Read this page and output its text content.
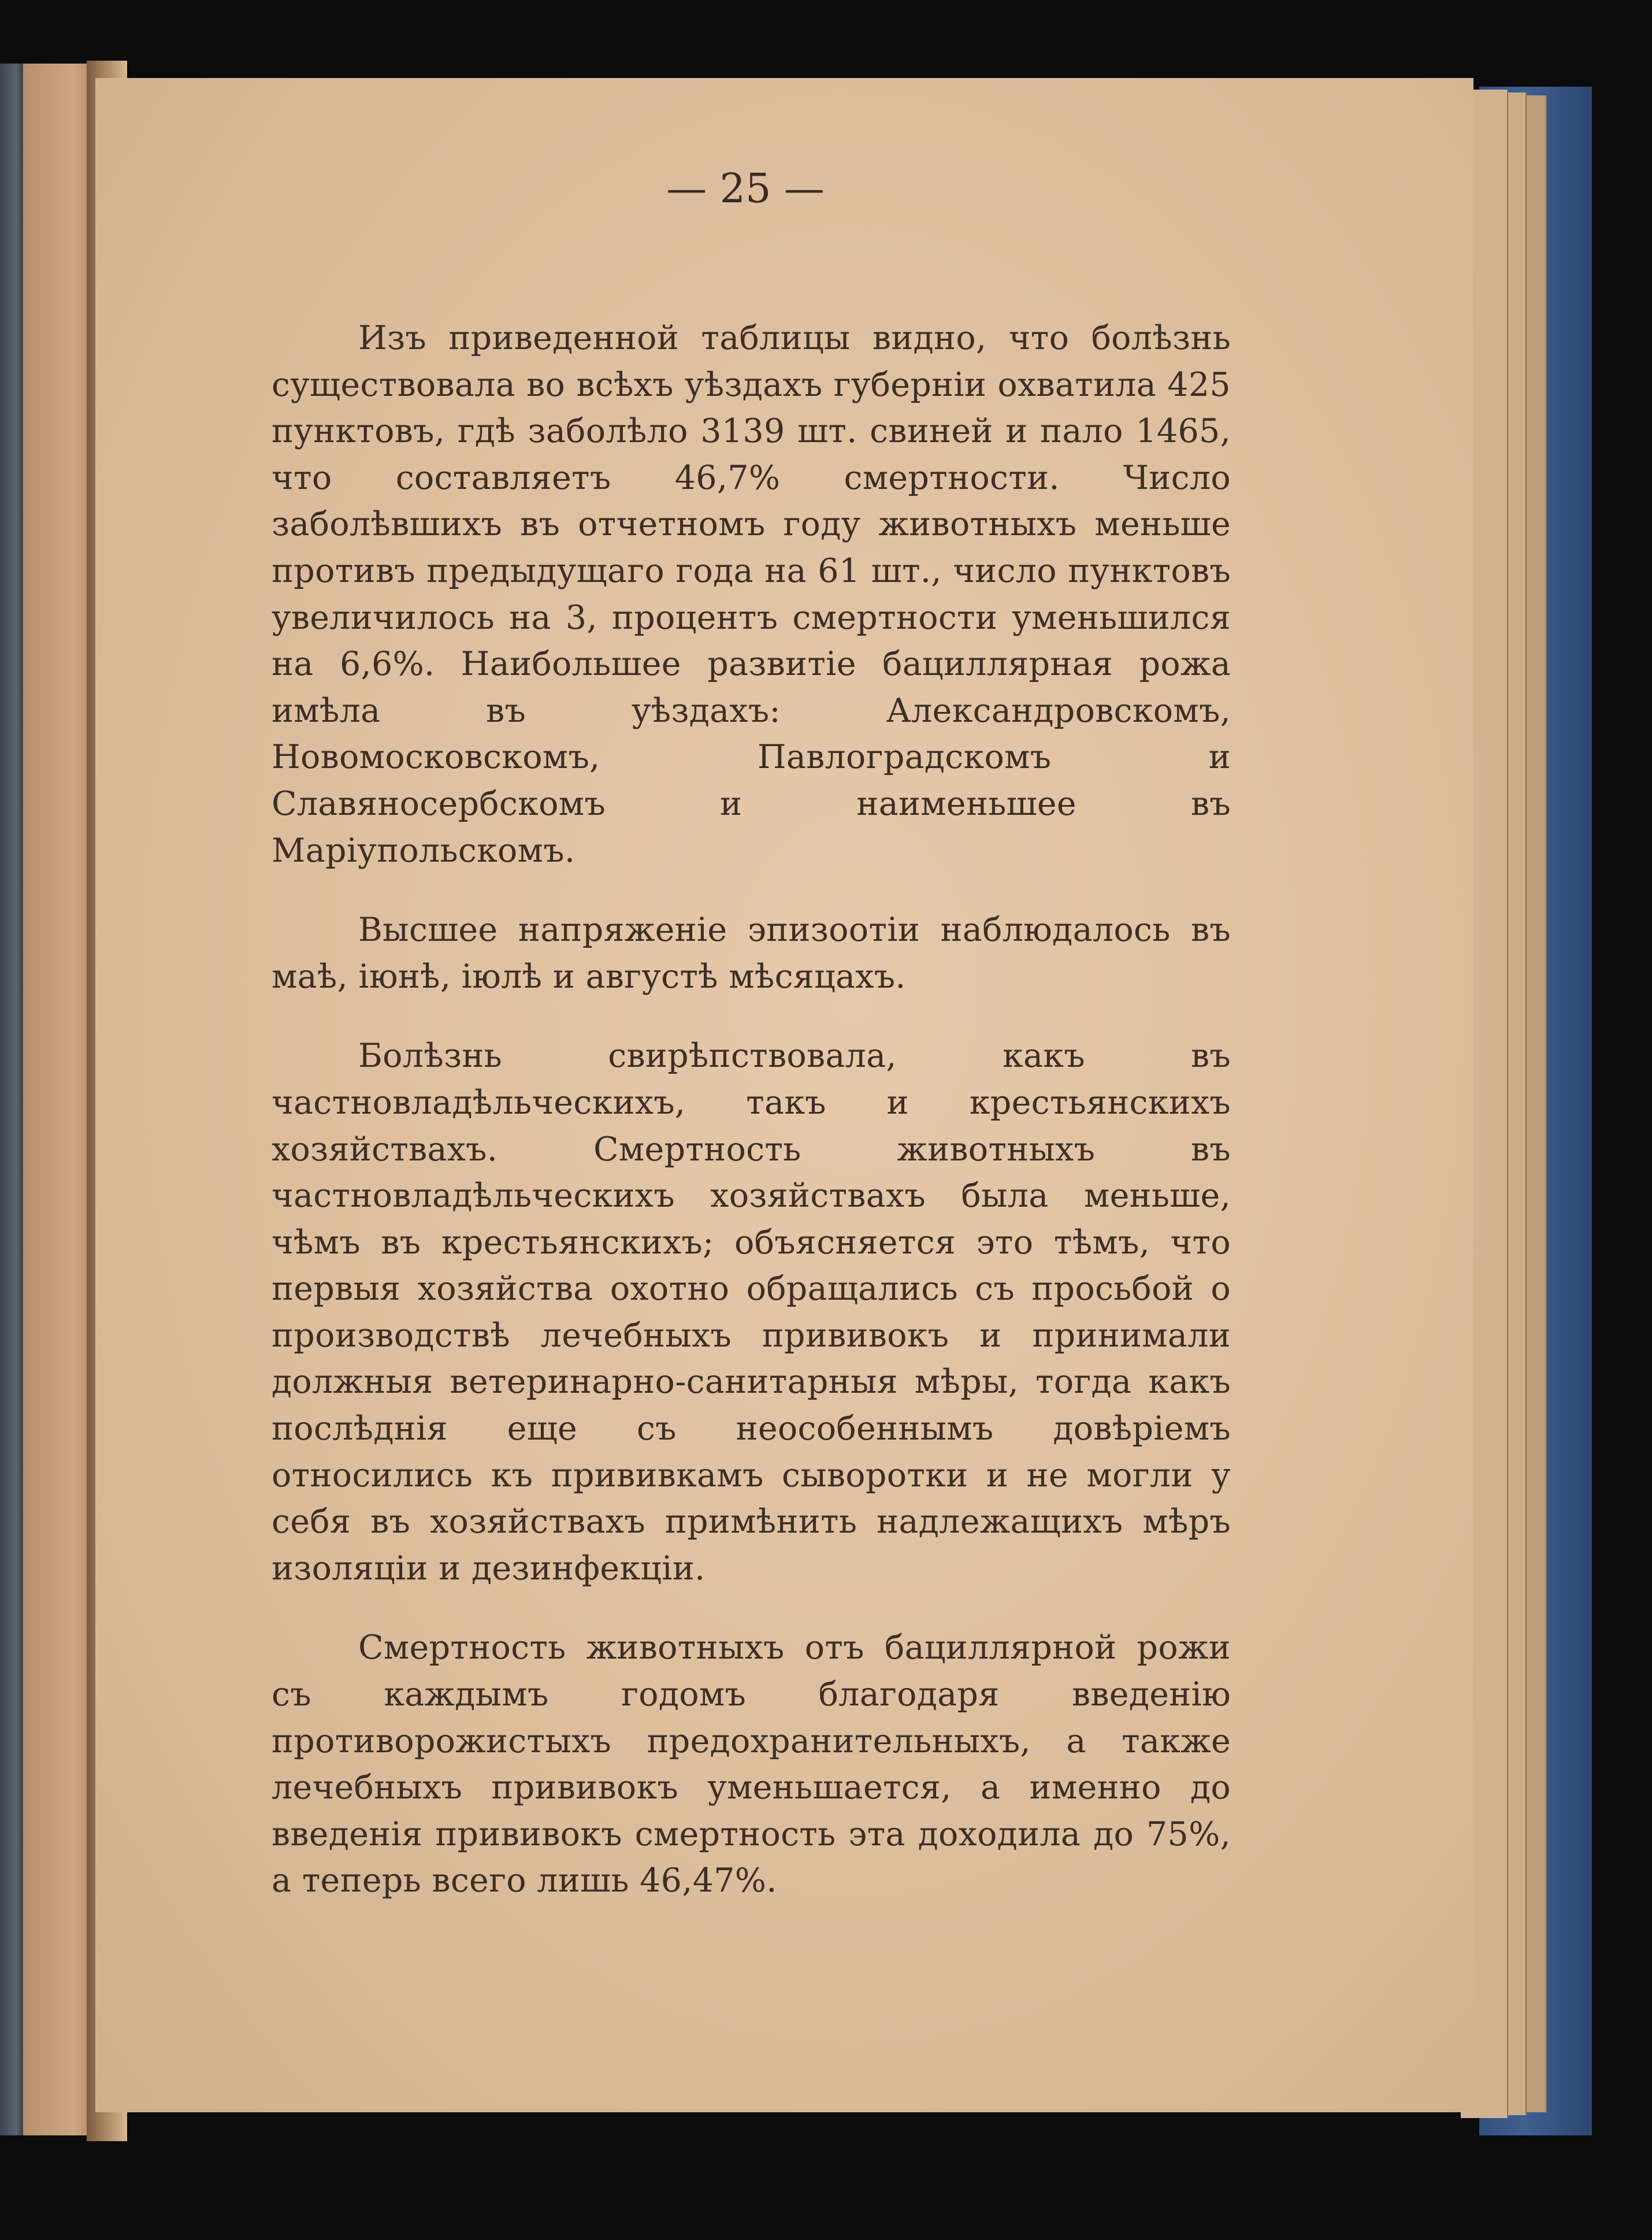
— 25 —

Изъ приведенной таблицы видно, что болѣзнь существовала во всѣхъ уѣздахъ губерніи охватила 425 пунктовъ, гдѣ заболѣло 3139 шт. свиней и пало 1465, что составляетъ 46,7% смертности. Число заболѣвшихъ въ отчетномъ году животныхъ меньше противъ предыдущаго года на 61 шт., число пунктовъ увеличилось на 3, процентъ смертности уменьшился на 6,6%. Наибольшее развитіе бациллярная рожа имѣла въ уѣздахъ: Александровскомъ, Новомосковскомъ, Павлоградскомъ и Славяносербскомъ и наименьшее въ Маріупольскомъ.

Высшее напряженіе эпизоотіи наблюдалось въ маѣ, іюнѣ, іюлѣ и августѣ мѣсяцахъ.

Болѣзнь свирѣпствовала, какъ въ частновладѣльческихъ, такъ и крестьянскихъ хозяйствахъ. Смертность животныхъ въ частновладѣльческихъ хозяйствахъ была меньше, чѣмъ въ крестьянскихъ; объясняется это тѣмъ, что первыя хозяйства охотно обращались съ просьбой о производствѣ лечебныхъ прививокъ и принимали должныя ветеринарно-санитарныя мѣры, тогда какъ послѣднія еще съ неособеннымъ довѣріемъ относились къ прививкамъ сыворотки и не могли у себя въ хозяйствахъ примѣнить надлежащихъ мѣръ изоляціи и дезинфекціи.

Смертность животныхъ отъ бациллярной рожи съ каждымъ годомъ благодаря введенію противорожистыхъ предохранительныхъ, а также лечебныхъ прививокъ уменьшается, а именно до введенія прививокъ смертность эта доходила до 75%, а теперь всего лишь 46,47%.
